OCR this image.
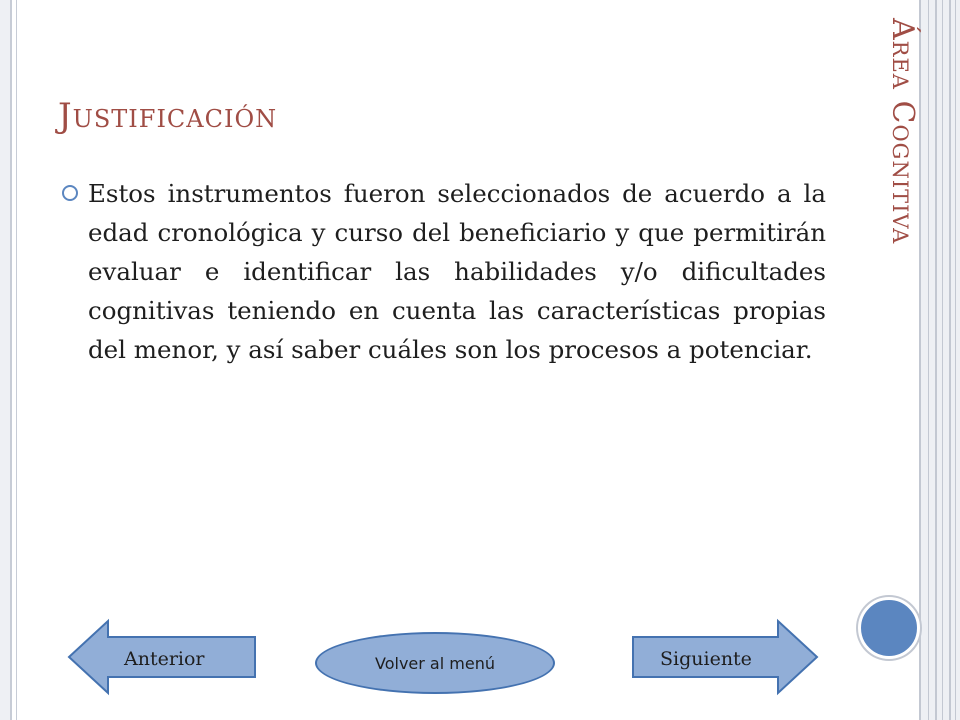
Área Cognitiva
Justificación

Estos instrumentos fueron seleccionados de acuerdo a la edad cronológica y curso del beneficiario y que permitirán evaluar e identificar las habilidades y/o dificultades cognitivas teniendo en cuenta las características propias del menor, y así saber cuáles son los procesos a potenciar.

Anterior	Volver al menú	Siguiente
